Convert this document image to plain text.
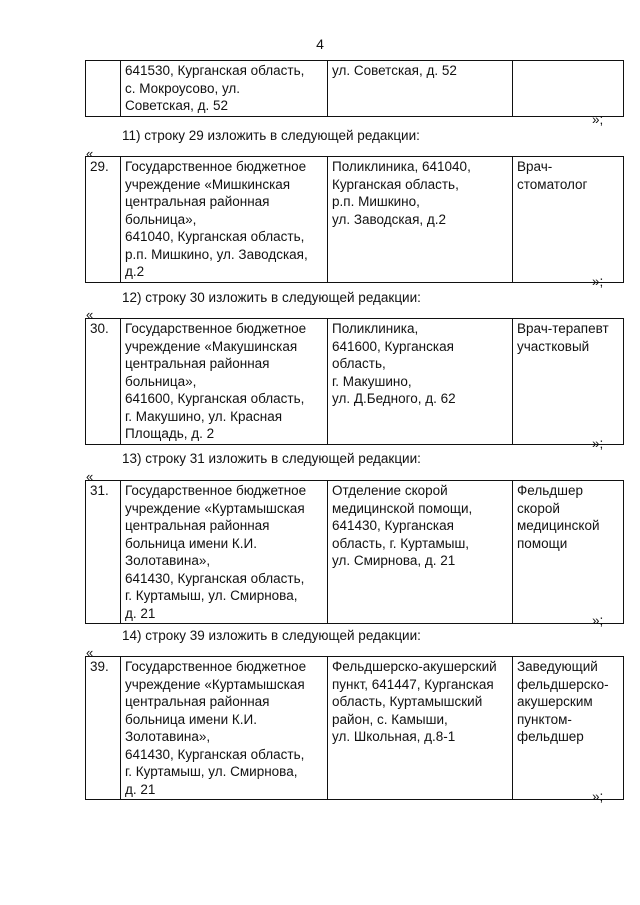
4
	641530, Курганская область,
с. Мокроусово, ул.
Советская, д. 52	ул. Советская, д. 52	
»;
11) строку 29 изложить в следующей редакции:
«
29.	Государственное бюджетное
учреждение «Мишкинская
центральная районная
больница»,
641040, Курганская область,
р.п. Мишкино, ул. Заводская,
д.2	Поликлиника, 641040,
Курганская область,
р.п. Мишкино,
ул. Заводская, д.2	Врач-
стоматолог
»;
12) строку 30 изложить в следующей редакции:
«
30.	Государственное бюджетное
учреждение «Макушинская
центральная районная
больница»,
641600, Курганская область,
г. Макушино, ул. Красная
Площадь, д. 2	Поликлиника,
641600, Курганская
область,
г. Макушино,
ул. Д.Бедного, д. 62	Врач-терапевт
участковый
»;
13) строку 31 изложить в следующей редакции:
«
31.	Государственное бюджетное
учреждение «Куртамышская
центральная районная
больница имени К.И.
Золотавина»,
641430, Курганская область,
г. Куртамыш, ул. Смирнова,
д. 21	Отделение скорой
медицинской помощи,
641430, Курганская
область, г. Куртамыш,
ул. Смирнова, д. 21	Фельдшер
скорой
медицинской
помощи
»;
14) строку 39 изложить в следующей редакции:
«
39.	Государственное бюджетное
учреждение «Куртамышская
центральная районная
больница имени К.И.
Золотавина»,
641430, Курганская область,
г. Куртамыш, ул. Смирнова,
д. 21	Фельдшерско-акушерский
пункт, 641447, Курганская
область, Куртамышский
район, с. Камыши,
ул. Школьная, д.8-1	Заведующий
фельдшерско-
акушерским
пунктом-
фельдшер
»;
